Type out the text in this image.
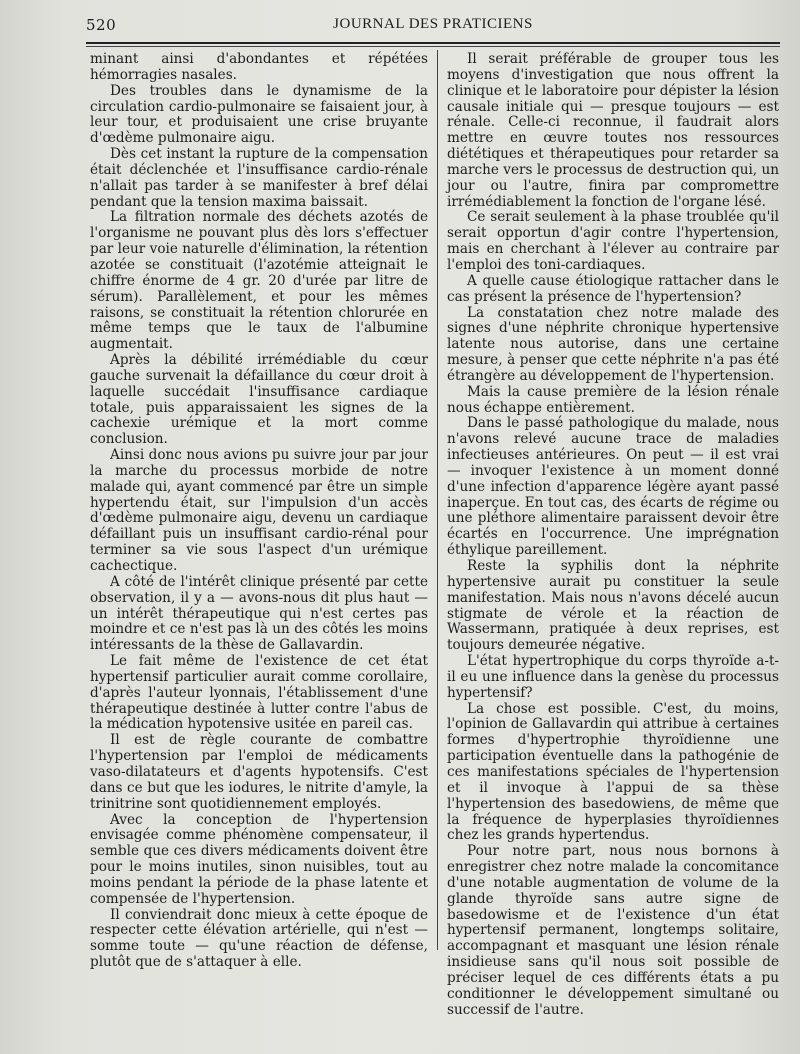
520	JOURNAL DES PRATICIENS

minant ainsi d'abondantes et répétées hémorragies nasales.

Des troubles dans le dynamisme de la circulation cardio-pulmonaire se faisaient jour, à leur tour, et produisaient une crise bruyante d'œdème pulmonaire aigu.

Dès cet instant la rupture de la compensation était déclenchée et l'insuffisance cardio-rénale n'allait pas tarder à se manifester à bref délai pendant que la tension maxima baissait.

La filtration normale des déchets azotés de l'organisme ne pouvant plus dès lors s'effectuer par leur voie naturelle d'élimination, la rétention azotée se constituait (l'azotémie atteignait le chiffre énorme de 4 gr. 20 d'urée par litre de sérum). Parallèlement, et pour les mêmes raisons, se constituait la rétention chlorurée en même temps que le taux de l'albumine augmentait.

Après la débilité irrémédiable du cœur gauche survenait la défaillance du cœur droit à laquelle succédait l'insuffisance cardiaque totale, puis apparaissaient les signes de la cachexie urémique et la mort comme conclusion.

Ainsi donc nous avions pu suivre jour par jour la marche du processus morbide de notre malade qui, ayant commencé par être un simple hypertendu était, sur l'impulsion d'un accès d'œdème pulmonaire aigu, devenu un cardiaque défaillant puis un insuffisant cardio-rénal pour terminer sa vie sous l'aspect d'un urémique cachectique.

A côté de l'intérêt clinique présenté par cette observation, il y a — avons-nous dit plus haut — un intérêt thérapeutique qui n'est certes pas moindre et ce n'est pas là un des côtés les moins intéressants de la thèse de Gallavardin.

Le fait même de l'existence de cet état hypertensif particulier aurait comme corollaire, d'après l'auteur lyonnais, l'établissement d'une thérapeutique destinée à lutter contre l'abus de la médication hypotensive usitée en pareil cas.

Il est de règle courante de combattre l'hypertension par l'emploi de médicaments vaso-dilatateurs et d'agents hypotensifs. C'est dans ce but que les iodures, le nitrite d'amyle, la trinitrine sont quotidiennement employés.

Avec la conception de l'hypertension envisagée comme phénomène compensateur, il semble que ces divers médicaments doivent être pour le moins inutiles, sinon nuisibles, tout au moins pendant la période de la phase latente et compensée de l'hypertension.

Il conviendrait donc mieux à cette époque de respecter cette élévation artérielle, qui n'est — somme toute — qu'une réaction de défense, plutôt que de s'attaquer à elle.

Il serait préférable de grouper tous les moyens d'investigation que nous offrent la clinique et le laboratoire pour dépister la lésion causale initiale qui — presque toujours — est rénale. Celle-ci reconnue, il faudrait alors mettre en œuvre toutes nos ressources diététiques et thérapeutiques pour retarder sa marche vers le processus de destruction qui, un jour ou l'autre, finira par compromettre irrémédiablement la fonction de l'organe lésé.

Ce serait seulement à la phase troublée qu'il serait opportun d'agir contre l'hypertension, mais en cherchant à l'élever au contraire par l'emploi des toni-cardiaques.

A quelle cause étiologique rattacher dans le cas présent la présence de l'hypertension?

La constatation chez notre malade des signes d'une néphrite chronique hypertensive latente nous autorise, dans une certaine mesure, à penser que cette néphrite n'a pas été étrangère au développement de l'hypertension.

Mais la cause première de la lésion rénale nous échappe entièrement.

Dans le passé pathologique du malade, nous n'avons relevé aucune trace de maladies infectieuses antérieures. On peut — il est vrai — invoquer l'existence à un moment donné d'une infection d'apparence légère ayant passé inaperçue. En tout cas, des écarts de régime ou une pléthore alimentaire paraissent devoir être écartés en l'occurrence. Une imprégnation éthylique pareillement.

Reste la syphilis dont la néphrite hypertensive aurait pu constituer la seule manifestation. Mais nous n'avons décelé aucun stigmate de vérole et la réaction de Wassermann, pratiquée à deux reprises, est toujours demeurée négative.

L'état hypertrophique du corps thyroïde a-t-il eu une influence dans la genèse du processus hypertensif?

La chose est possible. C'est, du moins, l'opinion de Gallavardin qui attribue à certaines formes d'hypertrophie thyroïdienne une participation éventuelle dans la pathogénie de ces manifestations spéciales de l'hypertension et il invoque à l'appui de sa thèse l'hypertension des basedowiens, de même que la fréquence de hyperplasies thyroïdiennes chez les grands hypertendus.

Pour notre part, nous nous bornons à enregistrer chez notre malade la concomitance d'une notable augmentation de volume de la glande thyroïde sans autre signe de basedowisme et de l'existence d'un état hypertensif permanent, longtemps solitaire, accompagnant et masquant une lésion rénale insidieuse sans qu'il nous soit possible de préciser lequel de ces différents états a pu conditionner le développement simultané ou successif de l'autre.
